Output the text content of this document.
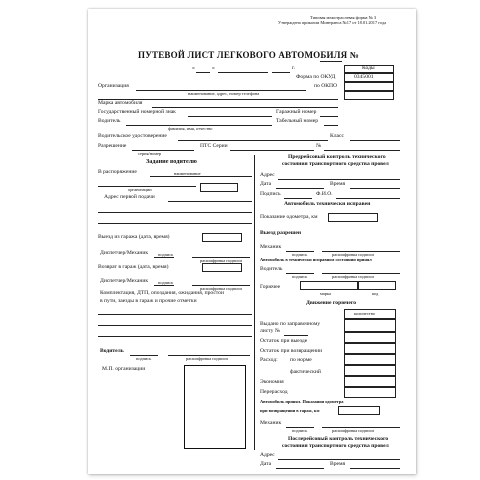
Типовая межотраслевая форма № 3
Утверждена приказом Минтранса №17 от 18.01.2017 года
ПУТЕВОЙ ЛИСТ ЛЕГКОВОГО АВТОМОБИЛЯ №
«	»	г.	Коды
0345001
Форма по ОКУД
по ОКПО
Организация
наименование, адрес, номер телефона
Марка автомобиля
Государственный номерной знак	Гаражный номер
Водитель
фамилия, имя, отчество
Табельный номер
Водительское удостоверение	Класс
Разрешение	ПТС Серии	№
серия/номер
Задание водителю
В распоряжение	наименование
организации
Адрес первой подачи
Выезд из гаража (дата, время)
Диспетчер/Механик подпись
расшифровка подписи
Возврат в гараж (дата, время)
Диспетчер/Механик подпись
расшифровка подписи
Комплектация, ДТП, опоздания, ожидания, простои
в пути, заезды в гараж и прочие отметки
Водитель
подпись	расшифровка подписи
М.П. организации
Предрейсовый контроль технического
состояния транспортного средства провел
Адрес
Дата	Время
Подпись	Ф.И.О.
Автомобиль технически исправен
Показание одометра, км
Выезд разрешен
Механик
подпись	расшифровка подписи
Автомобиль в технически исправном состоянии принял
Водитель
подпись	расшифровка подписи
Горючее
марка	код
Движение горючего
количество
Выдано по заправочному
листу №
Остаток при выезде
Остаток при возвращении
Расход: по норме
фактический
Экономия
Перерасход
Автомобиль принял. Показания одометра
при возвращении в гараж, км
Механик
подпись	расшифровка подписи
Послерейсовый контроль технического
состояния транспортного средства провел
Адрес
Дата	Время
